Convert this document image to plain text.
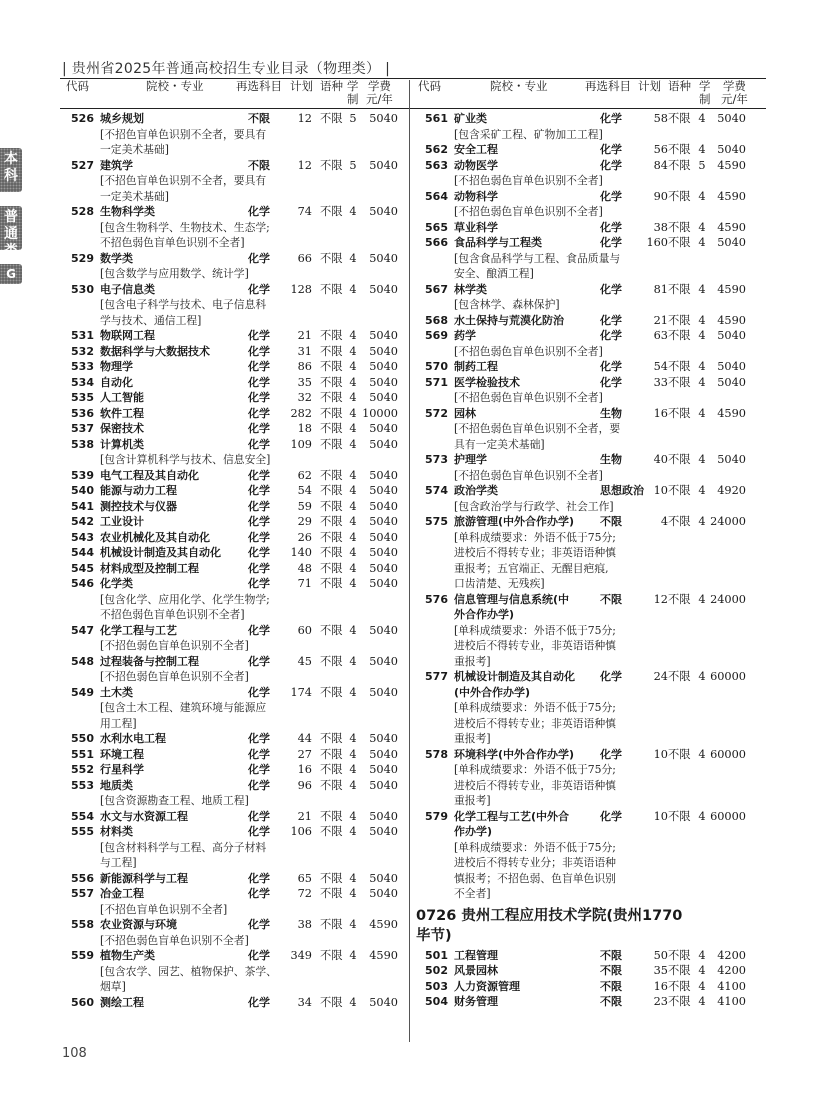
| 贵州省2025年普通高校招生专业目录（物理类） |
代码	院校・专业	再选科目 计划 语种 学
制
学费
元/年
代码	院校・专业	再选科目 计划 语种 学
制
学费
元/年
本科
普通类
G
526 城乡规划	不限	12 不限 5	5040
[不招色盲单色识别不全者，要具有
一定美术基础]
527 建筑学	不限	12 不限 5	5040
[不招色盲单色识别不全者，要具有
一定美术基础]
528 生物科学类	化学	74 不限 4	5040
[包含生物科学、生物技术、生态学;
不招色弱色盲单色识别不全者]
529 数学类	化学	66 不限 4	5040
[包含数学与应用数学、统计学]
530 电子信息类	化学	128 不限 4	5040
[包含电子科学与技术、电子信息科
学与技术、通信工程]
531 物联网工程	化学	21 不限 4	5040
532 数据科学与大数据技术	化学	31 不限 4	5040
533 物理学	化学	86 不限 4	5040
534 自动化	化学	35 不限 4	5040
535 人工智能	化学	32 不限 4	5040
536 软件工程	化学	282 不限 4 10000
537 保密技术	化学	18 不限 4	5040
538 计算机类	化学	109 不限 4	5040
[包含计算机科学与技术、信息安全]
539 电气工程及其自动化	化学	62 不限 4	5040
540 能源与动力工程	化学	54 不限 4	5040
541 测控技术与仪器	化学	59 不限 4	5040
542 工业设计	化学	29 不限 4	5040
543 农业机械化及其自动化	化学	26 不限 4	5040
544 机械设计制造及其自动化 化学	140 不限 4	5040
545 材料成型及控制工程	化学	48 不限 4	5040
546 化学类	化学	71 不限 4	5040
[包含化学、应用化学、化学生物学;
不招色弱色盲单色识别不全者]
547 化学工程与工艺	化学	60 不限 4	5040
[不招色弱色盲单色识别不全者]
548 过程装备与控制工程	化学	45 不限 4	5040
[不招色弱色盲单色识别不全者]
549 土木类	化学	174 不限 4	5040
[包含土木工程、建筑环境与能源应
用工程]
550 水利水电工程	化学	44 不限 4	5040
551 环境工程	化学	27 不限 4	5040
552 行星科学	化学	16 不限 4	5040
553 地质类	化学	96 不限 4	5040
[包含资源勘查工程、地质工程]
554 水文与水资源工程	化学	21 不限 4	5040
555 材料类	化学	106 不限 4	5040
[包含材料科学与工程、高分子材料
与工程]
556 新能源科学与工程	化学	65 不限 4	5040
557 冶金工程	化学	72 不限 4	5040
[不招色盲单色识别不全者]
558 农业资源与环境	化学	38 不限 4	4590
[不招色弱色盲单色识别不全者]
559 植物生产类	化学	349 不限 4	4590
[包含农学、园艺、植物保护、茶学、
烟草]
560 测绘工程	化学	34 不限 4	5040
561 矿业类	化学	58 不限 4	5040
[包含采矿工程、矿物加工工程]
562 安全工程	化学	56 不限 4	5040
563 动物医学	化学	84 不限 5	4590
[不招色弱色盲单色识别不全者]
564 动物科学	化学	90 不限 4	4590
[不招色弱色盲单色识别不全者]
565 草业科学	化学	38 不限 4	4590
566 食品科学与工程类	化学	160 不限 4	5040
[包含食品科学与工程、食品质量与
安全、酿酒工程]
567 林学类	化学	81 不限 4	4590
[包含林学、森林保护]
568 水土保持与荒漠化防治	化学	21 不限 4	4590
569 药学	化学	63 不限 4	5040
[不招色弱色盲单色识别不全者]
570 制药工程	化学	54 不限 4	5040
571 医学检验技术	化学	33 不限 4	5040
[不招色弱色盲单色识别不全者]
572 园林	生物	16 不限 4	4590
[不招色弱色盲单色识别不全者，要
具有一定美术基础]
573 护理学	生物	40 不限 4	5040
[不招色弱色盲单色识别不全者]
574 政治学类	思想政治 10 不限 4	4920
[包含政治学与行政学、社会工作]
575 旅游管理(中外合作办学) 不限	4 不限 4 24000
[单科成绩要求：外语不低于75分;
进校后不得转专业；非英语语种慎
重报考；五官端正、无醒目疤痕,
口齿清楚、无残疾]
576 信息管理与信息系统(中	不限	12 不限 4 24000
外合作办学)
[单科成绩要求：外语不低于75分;
进校后不得转专业，非英语语种慎
重报考]
577 机械设计制造及其自动化 化学	24 不限 4 60000
(中外合作办学)
[单科成绩要求：外语不低于75分;
进校后不得转专业；非英语语种慎
重报考]
578 环境科学(中外合作办学) 化学	10 不限 4 60000
[单科成绩要求：外语不低于75分;
进校后不得转专业，非英语语种慎
重报考]
579 化学工程与工艺(中外合	化学	10 不限 4 60000
作办学)
[单科成绩要求：外语不低于75分;
进校后不得转专业分；非英语语种
慎报考；不招色弱、色盲单色识别
不全者]
0726 贵州工程应用技术学院(贵州1770
毕节)
501 工程管理	不限	50 不限 4	4200
502 风景园林	不限	35 不限 4	4200
503 人力资源管理	不限	16 不限 4	4100
504 财务管理	不限	23 不限 4	4100
108
